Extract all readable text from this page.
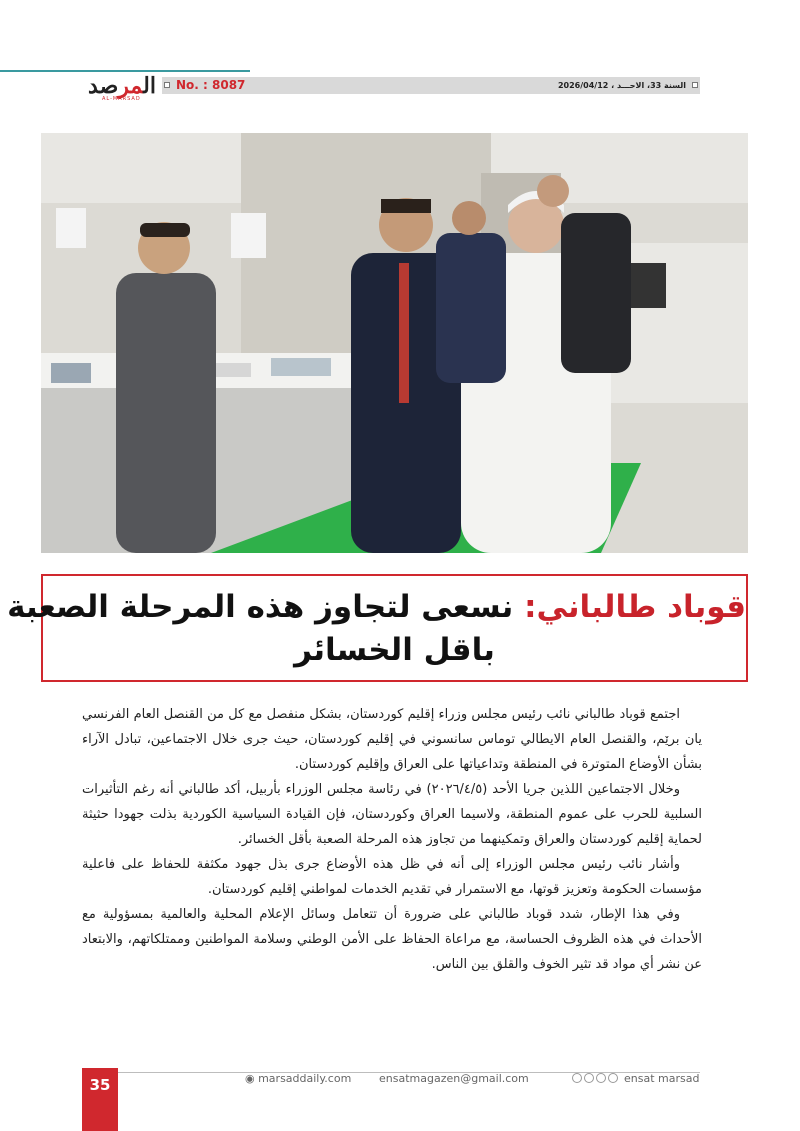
المرصد
AL-MARSAD
No. : 8087	السنة 33، الاحـــد ، 2026/04/12
قوباد طالباني: نسعى لتجاوز هذه المرحلة الصعبة
باقل الخسائر

اجتمع قوباد طالباني نائب رئيس مجلس وزراء إقليم كوردستان، بشكل منفصل مع كل من القنصل العام الفرنسي يان برێم، والقنصل العام الايطالي توماس سانسوني في إقليم كوردستان، حيث جرى خلال الاجتماعين، تبادل الآراء بشأن الأوضاع المتوترة في المنطقة وتداعياتها على العراق وإقليم كوردستان.

وخلال الاجتماعين اللذين جريا الأحد (٢٠٢٦/٤/٥) في رئاسة مجلس الوزراء بأربيل، أكد طالباني أنه رغم التأثيرات السلبية للحرب على عموم المنطقة، ولاسيما العراق وكوردستان، فإن القيادة السياسية الكوردية بذلت جهودا حثيثة لحماية إقليم كوردستان والعراق وتمكينهما من تجاوز هذه المرحلة الصعبة بأقل الخسائر.

وأشار نائب رئيس مجلس الوزراء إلى أنه في ظل هذه الأوضاع جرى بذل جهود مكثفة للحفاظ على فاعلية مؤسسات الحكومة وتعزيز قوتها، مع الاستمرار في تقديم الخدمات لمواطني إقليم كوردستان.

وفي هذا الإطار، شدد قوباد طالباني على ضرورة أن تتعامل وسائل الإعلام المحلية والعالمية بمسؤولية مع الأحداث في هذه الظروف الحساسة، مع مراعاة الحفاظ على الأمن الوطني وسلامة المواطنين وممتلكاتهم، والابتعاد عن نشر أي مواد قد تثير الخوف والقلق بين الناس.

35	◉ marsaddaily.com	ensatmagazen@gmail.com	ensat marsad
